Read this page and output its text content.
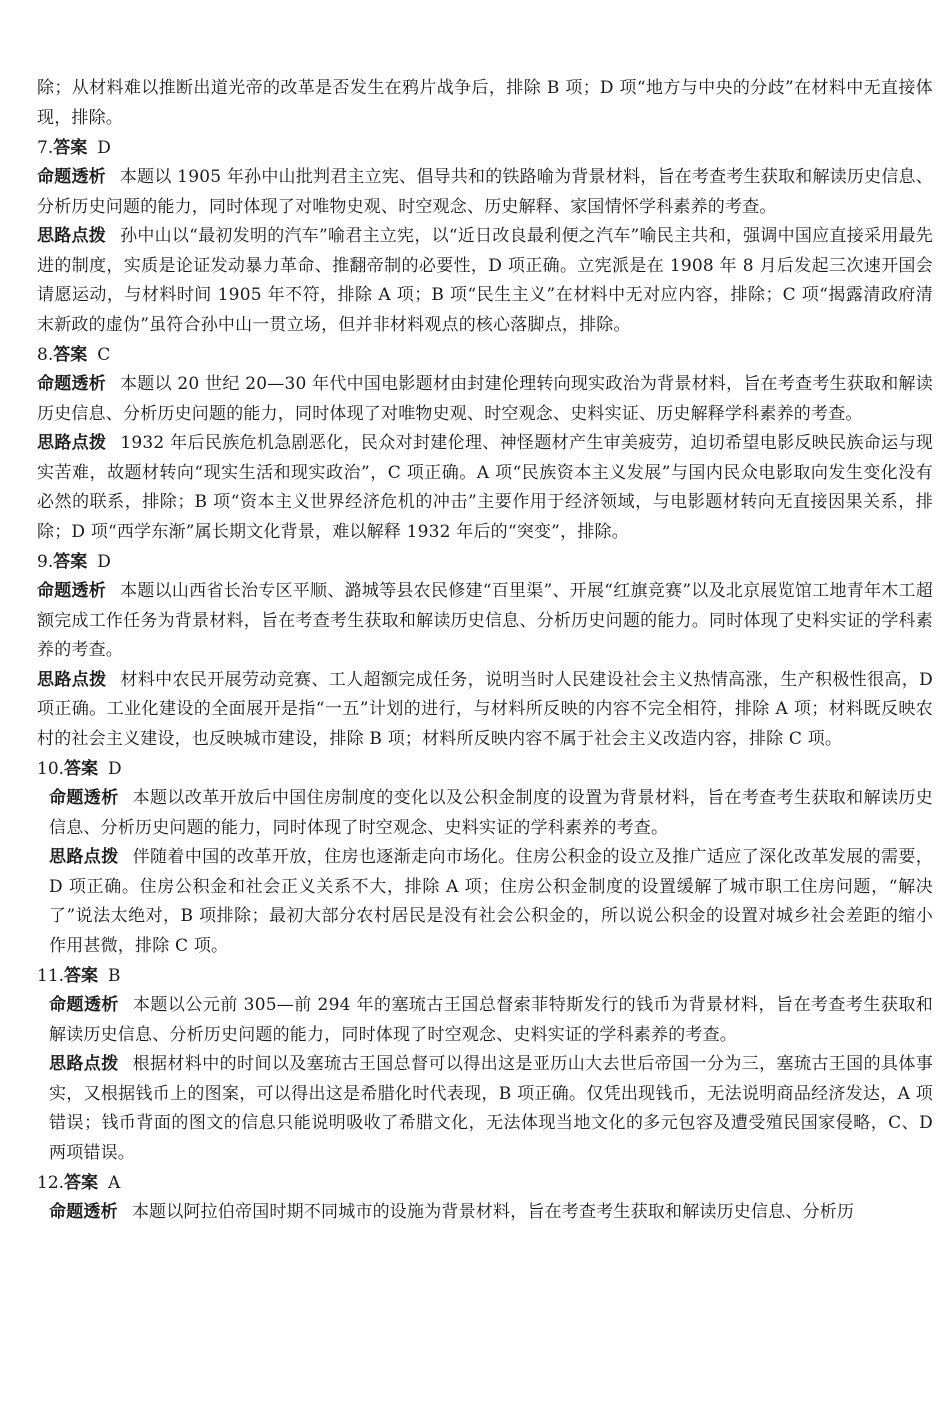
除；从材料难以推断出道光帝的改革是否发生在鸦片战争后，排除 B 项；D 项“地方与中央的分歧”在材料中无直接体现，排除。

7.答案 D

命题透析 本题以 1905 年孙中山批判君主立宪、倡导共和的铁路喻为背景材料，旨在考查考生获取和解读历史信息、分析历史问题的能力，同时体现了对唯物史观、时空观念、历史解释、家国情怀学科素养的考查。

思路点拨 孙中山以“最初发明的汽车”喻君主立宪，以“近日改良最利便之汽车”喻民主共和，强调中国应直接采用最先进的制度，实质是论证发动暴力革命、推翻帝制的必要性，D 项正确。立宪派是在 1908 年 8 月后发起三次速开国会请愿运动，与材料时间 1905 年不符，排除 A 项；B 项“民生主义”在材料中无对应内容，排除；C 项“揭露清政府清末新政的虚伪”虽符合孙中山一贯立场，但并非材料观点的核心落脚点，排除。

8.答案 C

命题透析 本题以 20 世纪 20—30 年代中国电影题材由封建伦理转向现实政治为背景材料，旨在考查考生获取和解读历史信息、分析历史问题的能力，同时体现了对唯物史观、时空观念、史料实证、历史解释学科素养的考查。

思路点拨 1932 年后民族危机急剧恶化，民众对封建伦理、神怪题材产生审美疲劳，迫切希望电影反映民族命运与现实苦难，故题材转向“现实生活和现实政治”，C 项正确。A 项“民族资本主义发展”与国内民众电影取向发生变化没有必然的联系，排除；B 项“资本主义世界经济危机的冲击”主要作用于经济领域，与电影题材转向无直接因果关系，排除；D 项“西学东渐”属长期文化背景，难以解释 1932 年后的“突变”，排除。

9.答案 D

命题透析 本题以山西省长治专区平顺、潞城等县农民修建“百里渠”、开展“红旗竞赛”以及北京展览馆工地青年木工超额完成工作任务为背景材料，旨在考查考生获取和解读历史信息、分析历史问题的能力。同时体现了史料实证的学科素养的考查。

思路点拨 材料中农民开展劳动竞赛、工人超额完成任务，说明当时人民建设社会主义热情高涨，生产积极性很高，D 项正确。工业化建设的全面展开是指“一五”计划的进行，与材料所反映的内容不完全相符，排除 A 项；材料既反映农村的社会主义建设，也反映城市建设，排除 B 项；材料所反映内容不属于社会主义改造内容，排除 C 项。

10.答案 D

命题透析 本题以改革开放后中国住房制度的变化以及公积金制度的设置为背景材料，旨在考查考生获取和解读历史信息、分析历史问题的能力，同时体现了时空观念、史料实证的学科素养的考查。

思路点拨 伴随着中国的改革开放，住房也逐渐走向市场化。住房公积金的设立及推广适应了深化改革发展的需要，D 项正确。住房公积金和社会正义关系不大，排除 A 项；住房公积金制度的设置缓解了城市职工住房问题，“解决了”说法太绝对，B 项排除；最初大部分农村居民是没有社会公积金的，所以说公积金的设置对城乡社会差距的缩小作用甚微，排除 C 项。

11.答案 B

命题透析 本题以公元前 305—前 294 年的塞琉古王国总督索菲特斯发行的钱币为背景材料，旨在考查考生获取和解读历史信息、分析历史问题的能力，同时体现了时空观念、史料实证的学科素养的考查。

思路点拨 根据材料中的时间以及塞琉古王国总督可以得出这是亚历山大去世后帝国一分为三，塞琉古王国的具体事实，又根据钱币上的图案，可以得出这是希腊化时代表现，B 项正确。仅凭出现钱币，无法说明商品经济发达，A 项错误；钱币背面的图文的信息只能说明吸收了希腊文化，无法体现当地文化的多元包容及遭受殖民国家侵略，C、D 两项错误。

12.答案 A

命题透析 本题以阿拉伯帝国时期不同城市的设施为背景材料，旨在考查考生获取和解读历史信息、分析历
